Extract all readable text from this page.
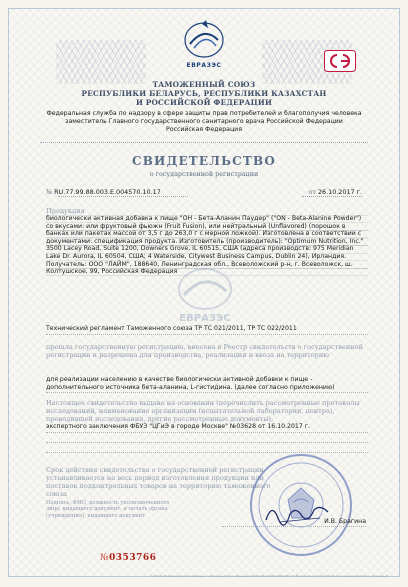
ЕВРАЗЭС
ТАМОЖЕННЫЙ СОЮЗ
РЕСПУБЛИКИ БЕЛАРУСЬ, РЕСПУБЛИКИ КАЗАХСТАН
И РОССИЙСКОЙ ФЕДЕРАЦИИ
Федеральная служба по надзору в сфере защиты прав потребителей и благополучия человека
заместитель Главного государственного санитарного врача Российской Федерации
Российская Федерация
СВИДЕТЕЛЬСТВО
о государственной регистрации
№ RU.77.99.88.003.Е.004570.10.17	от 26.10.2017 г.
Продукция
биологически активная добавка к пище "ОН - Бета-Аланин Паудер" ("ON - Beta-Alanine Powder") со вкусами: или фруктовый фьюжн (Fruit Fusion), или нейтральный (Unflavored) (порошок в банках или пакетах массой от 3,5 г до 263,0 г с мерной ложкой). Изготовлена в соответствии с документами: спецификация продукта. Изготовитель (производитель): "Optimum Nutrition, Inc." 3500 Lacey Road, Suite 1200, Downers Grove, IL 60515, США (адреса производств: 975 Meridian Lake Dr. Aurora, IL 60504, США; 4 Waterside, Citywest Business Campus, Dublin 24), Ирландия. Получатель: ООО "ЛАЙМ", 188640, Ленинградская обл., Всеволожский р-н, г. Всеволожск, ш. Колтушское, 99, Российская Федерация
ЕВРАЗЭС
Технический регламент Таможенного союза ТР ТС 021/2011, ТР ТС 022/2011
прошла государственную регистрацию, внесена в Реестр свидетельств о государственной регистрации и разрешена для производства, реализации и ввоза на территорию
для реализации населению в качестве биологически активной добавки к пище - дополнительного источника бета-аланина, L-гистидина. (далее согласно приложению)
Настоящее свидетельство выдано на основании (перечислить рассмотренные протоколы исследований, наименование организации (испытательной лаборатории, центра), проводившей исследования, другие рассмотренные документы):
экспертного заключения ФБУЗ "ЦГиЭ в городе Москве" №03628 от 16.10.2017 г.
Срок действия свидетельства о государственной регистрации устанавливается на весь период изготовления продукции или поставок подконтрольных товаров на территорию таможенного союза
Подпись, ФИО, должность уполномоченного лица, выдавшего документ, и печать органа (учреждения), выдавшего документ
И.В. Брагина
№0353766
© 2003 «Первая печатная фирма», г. Москва, 2017 г. Лицензия № 05-05-09/003 ФНС РФ. ТЗ № 146. Тел. (495) 726-47-42. www.opechatnik.ru. Уровень В
